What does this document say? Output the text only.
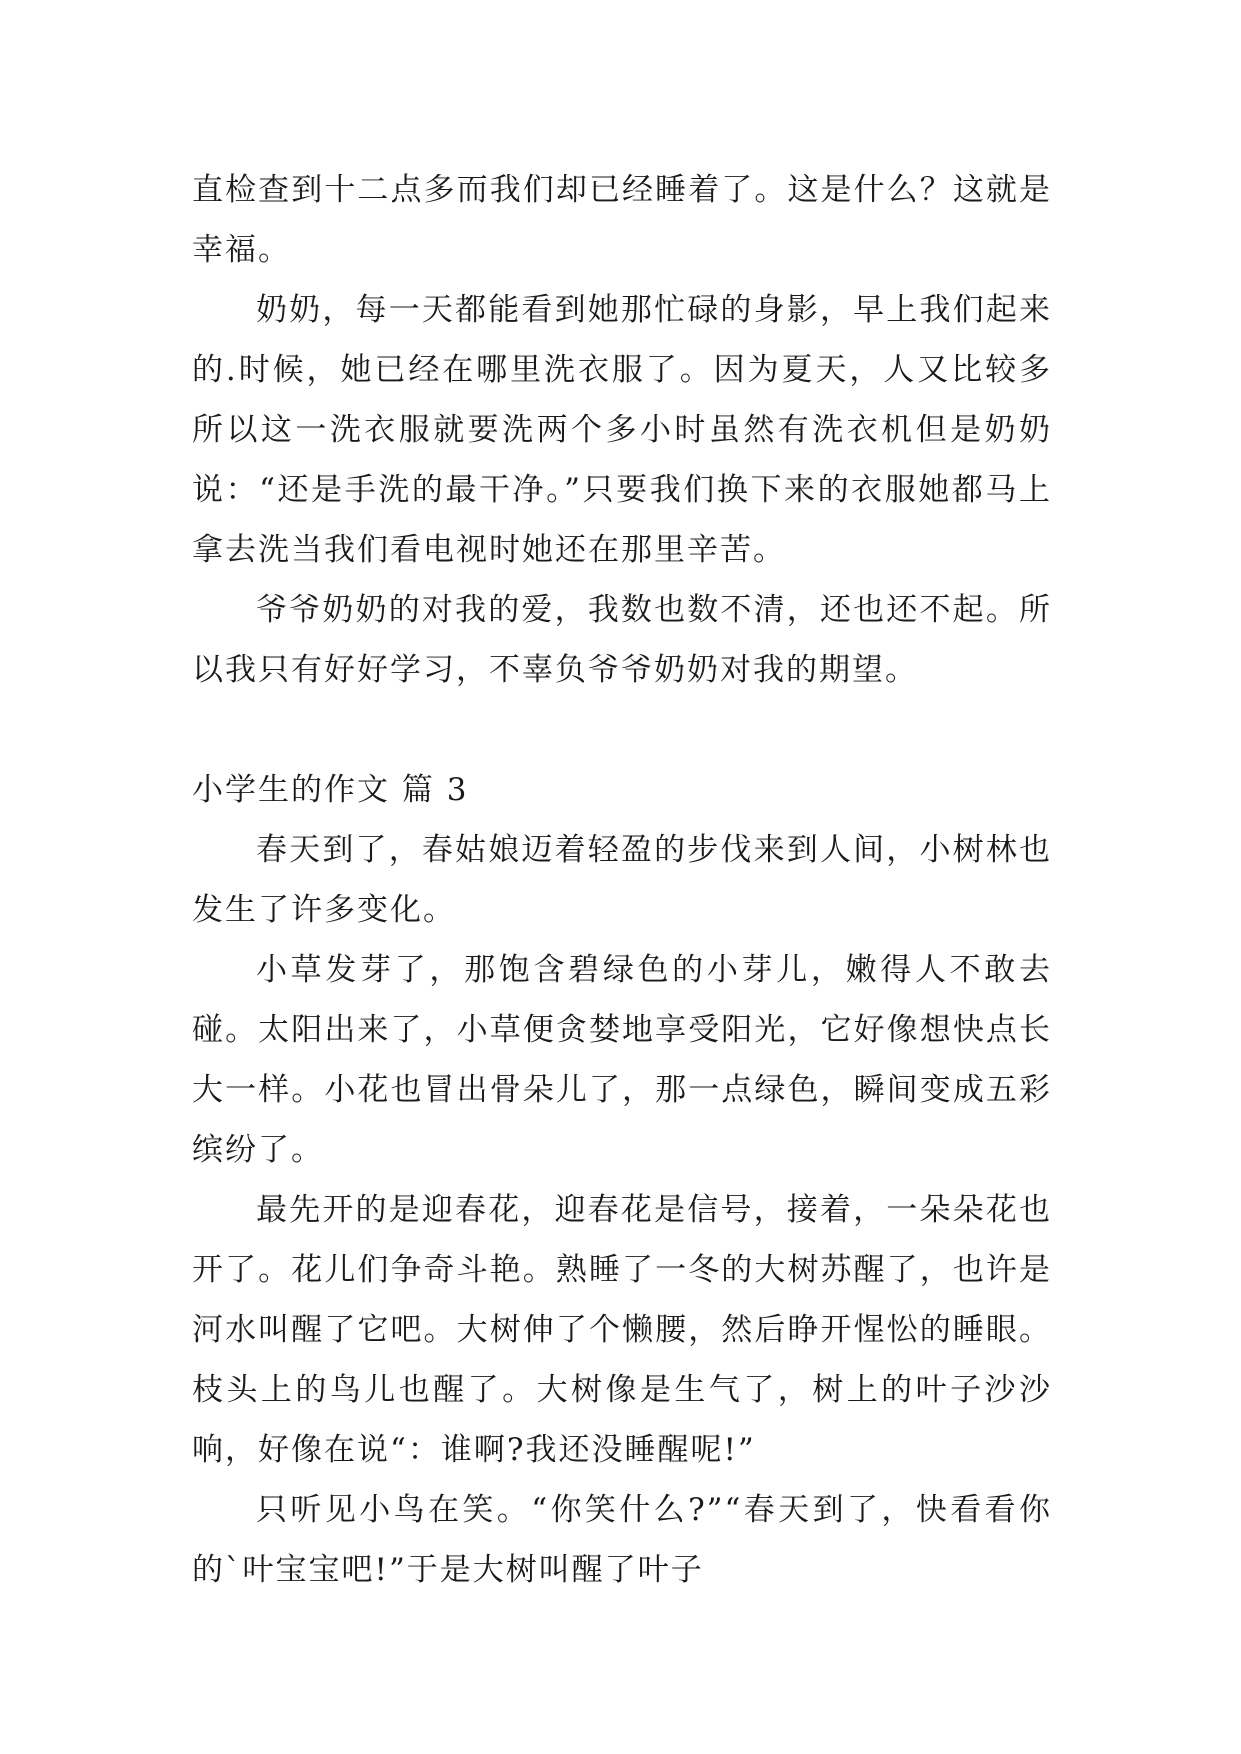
直检查到十二点多而我们却已经睡着了。这是什么？这就是幸福。

奶奶，每一天都能看到她那忙碌的身影，早上我们起来的.时候，她已经在哪里洗衣服了。因为夏天，人又比较多所以这一洗衣服就要洗两个多小时虽然有洗衣机但是奶奶说：“还是手洗的最干净。”只要我们换下来的衣服她都马上拿去洗当我们看电视时她还在那里辛苦。

爷爷奶奶的对我的爱，我数也数不清，还也还不起。所以我只有好好学习，不辜负爷爷奶奶对我的期望。

小学生的作文 篇 3

春天到了，春姑娘迈着轻盈的步伐来到人间，小树林也发生了许多变化。

小草发芽了，那饱含碧绿色的小芽儿，嫩得人不敢去碰。太阳出来了，小草便贪婪地享受阳光，它好像想快点长大一样。小花也冒出骨朵儿了，那一点绿色，瞬间变成五彩缤纷了。

最先开的是迎春花，迎春花是信号，接着，一朵朵花也开了。花儿们争奇斗艳。熟睡了一冬的大树苏醒了，也许是河水叫醒了它吧。大树伸了个懒腰，然后睁开惺忪的睡眼。枝头上的鸟儿也醒了。大树像是生气了，树上的叶子沙沙响，好像在说“：谁啊?我还没睡醒呢!”

只听见小鸟在笑。“你笑什么?”“春天到了，快看看你的`叶宝宝吧!”于是大树叫醒了叶子
